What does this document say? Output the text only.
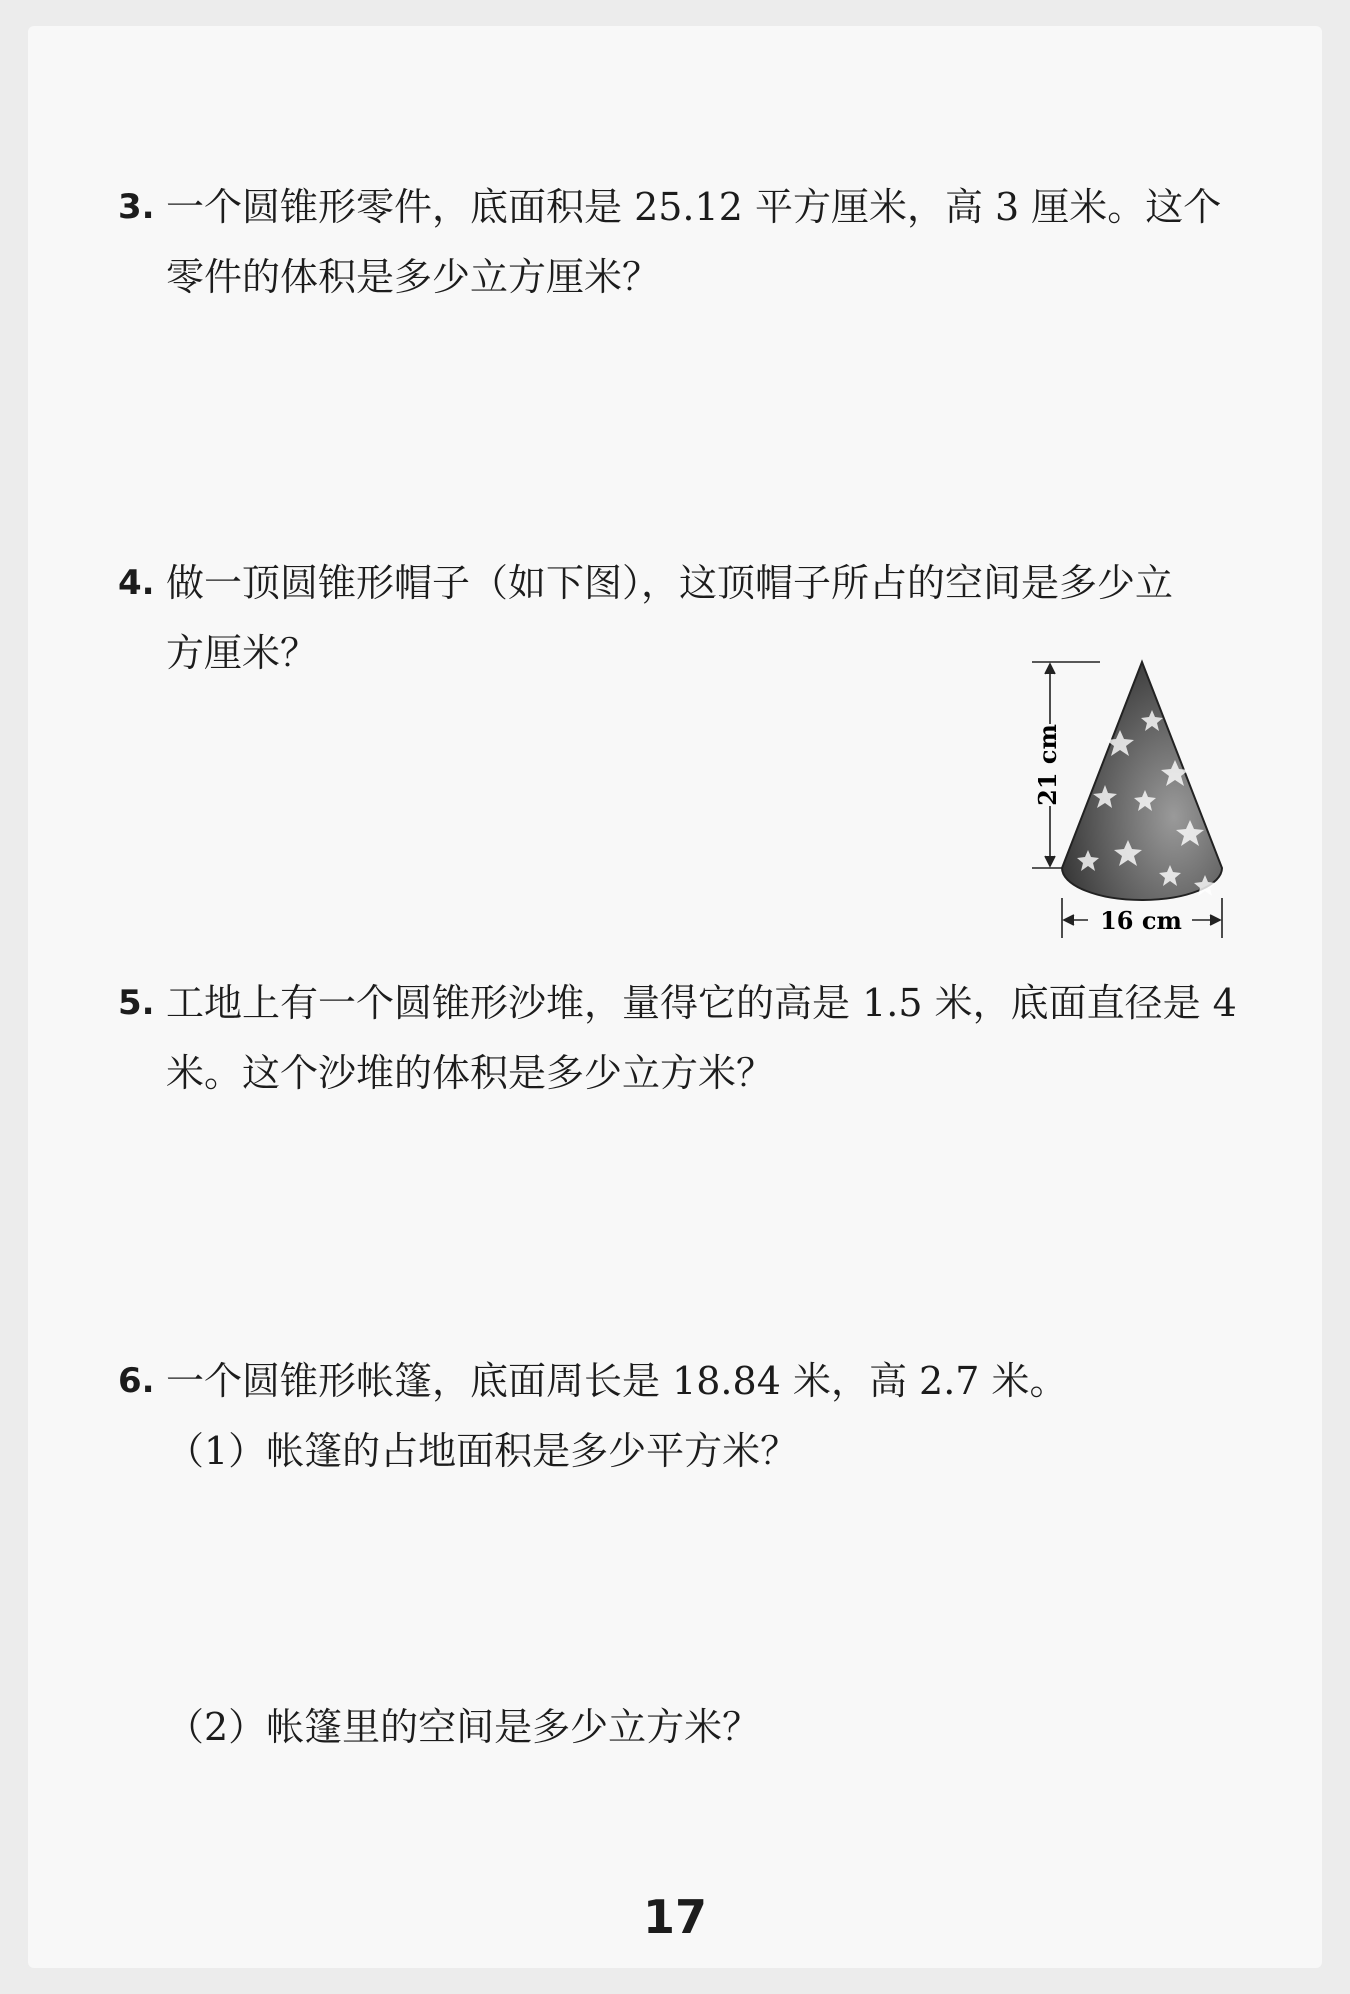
3. 一个圆锥形零件，底面积是 25.12 平方厘米，高 3 厘米。这个
零件的体积是多少立方厘米？
4. 做一顶圆锥形帽子（如下图），这顶帽子所占的空间是多少立
方厘米？
21 cm
16 cm
5. 工地上有一个圆锥形沙堆，量得它的高是 1.5 米，底面直径是 4
米。这个沙堆的体积是多少立方米？
6. 一个圆锥形帐篷，底面周长是 18.84 米，高 2.7 米。
（1）帐篷的占地面积是多少平方米？
（2）帐篷里的空间是多少立方米？
17
